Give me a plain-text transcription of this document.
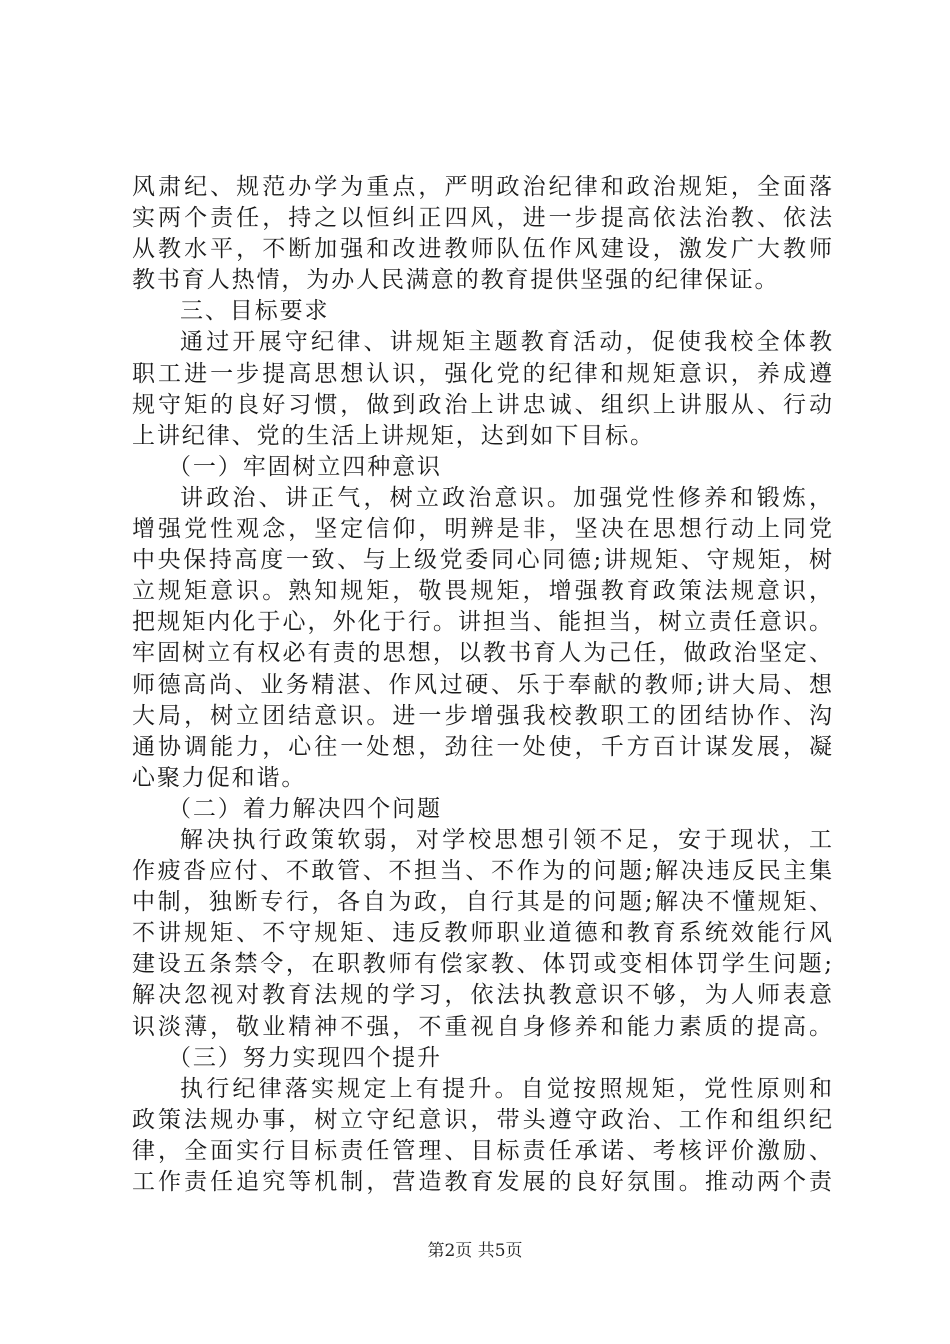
风肃纪、规范办学为重点，严明政治纪律和政治规矩，全面落
实两个责任，持之以恒纠正四风，进一步提高依法治教、依法
从教水平，不断加强和改进教师队伍作风建设，激发广大教师
教书育人热情，为办人民满意的教育提供坚强的纪律保证。
三、目标要求
通过开展守纪律、讲规矩主题教育活动，促使我校全体教
职工进一步提高思想认识，强化党的纪律和规矩意识，养成遵
规守矩的良好习惯，做到政治上讲忠诚、组织上讲服从、行动
上讲纪律、党的生活上讲规矩，达到如下目标。
（一）牢固树立四种意识
讲政治、讲正气，树立政治意识。加强党性修养和锻炼，
增强党性观念，坚定信仰，明辨是非，坚决在思想行动上同党
中央保持高度一致、与上级党委同心同德;讲规矩、守规矩，树
立规矩意识。熟知规矩，敬畏规矩，增强教育政策法规意识，
把规矩内化于心，外化于行。讲担当、能担当，树立责任意识。
牢固树立有权必有责的思想，以教书育人为己任，做政治坚定、
师德高尚、业务精湛、作风过硬、乐于奉献的教师;讲大局、想
大局，树立团结意识。进一步增强我校教职工的团结协作、沟
通协调能力，心往一处想，劲往一处使，千方百计谋发展，凝
心聚力促和谐。
（二）着力解决四个问题
解决执行政策软弱，对学校思想引领不足，安于现状，工
作疲沓应付、不敢管、不担当、不作为的问题;解决违反民主集
中制，独断专行，各自为政，自行其是的问题;解决不懂规矩、
不讲规矩、不守规矩、违反教师职业道德和教育系统效能行风
建设五条禁令，在职教师有偿家教、体罚或变相体罚学生问题;
解决忽视对教育法规的学习，依法执教意识不够，为人师表意
识淡薄，敬业精神不强，不重视自身修养和能力素质的提高。
（三）努力实现四个提升
执行纪律落实规定上有提升。自觉按照规矩，党性原则和
政策法规办事，树立守纪意识，带头遵守政治、工作和组织纪
律，全面实行目标责任管理、目标责任承诺、考核评价激励、
工作责任追究等机制，营造教育发展的良好氛围。推动两个责
第2页 共5页
